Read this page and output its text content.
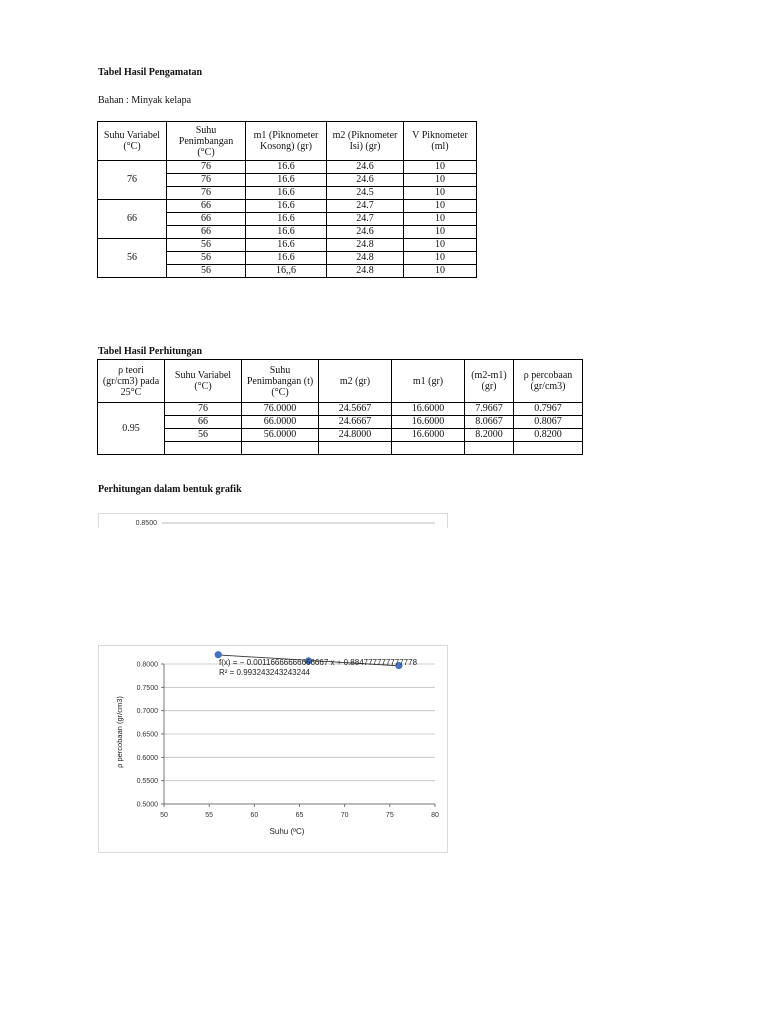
Tabel Hasil Pengamatan
Bahan : Minyak kelapa
Suhu Variabel (°C)	Suhu Penimbangan (°C)	m1 (Piknometer Kosong) (gr)	m2 (Piknometer Isi) (gr)	V Piknometer (ml)
76	76	16.6	24.6	10
	76	16.6	24.6	10
	76	16.6	24.5	10
66	66	16.6	24.7	10
	66	16.6	24.7	10
	66	16.6	24.6	10
56	56	16.6	24.8	10
	56	16.6	24.8	10
	56	16,,6	24.8	10
Tabel Hasil Perhitungan
ρ teori (gr/cm3) pada 25°C	Suhu Variabel (°C)	Suhu Penimbangan (t) (°C)	m2 (gr)	m1 (gr)	(m2-m1) (gr)	ρ percobaan (gr/cm3)
0.95	76	76.0000	24.5667	16.6000	7.9667	0.7967
	66	66.0000	24.6667	16.6000	8.0667	0.8067
	56	56.0000	24.8000	16.6000	8.2000	0.8200

Perhitungan dalam bentuk grafik
0.8500
0.5000
0.5500
0.6000
0.6500
0.7000
0.7500
0.8000
50	55	60	65	70	75	80
f(x) = − 0.00116666666666667 x + 0.884777777777778
R² = 0.993243243243244
Suhu (ºC)
ρ percobaan (gr/cm3)
